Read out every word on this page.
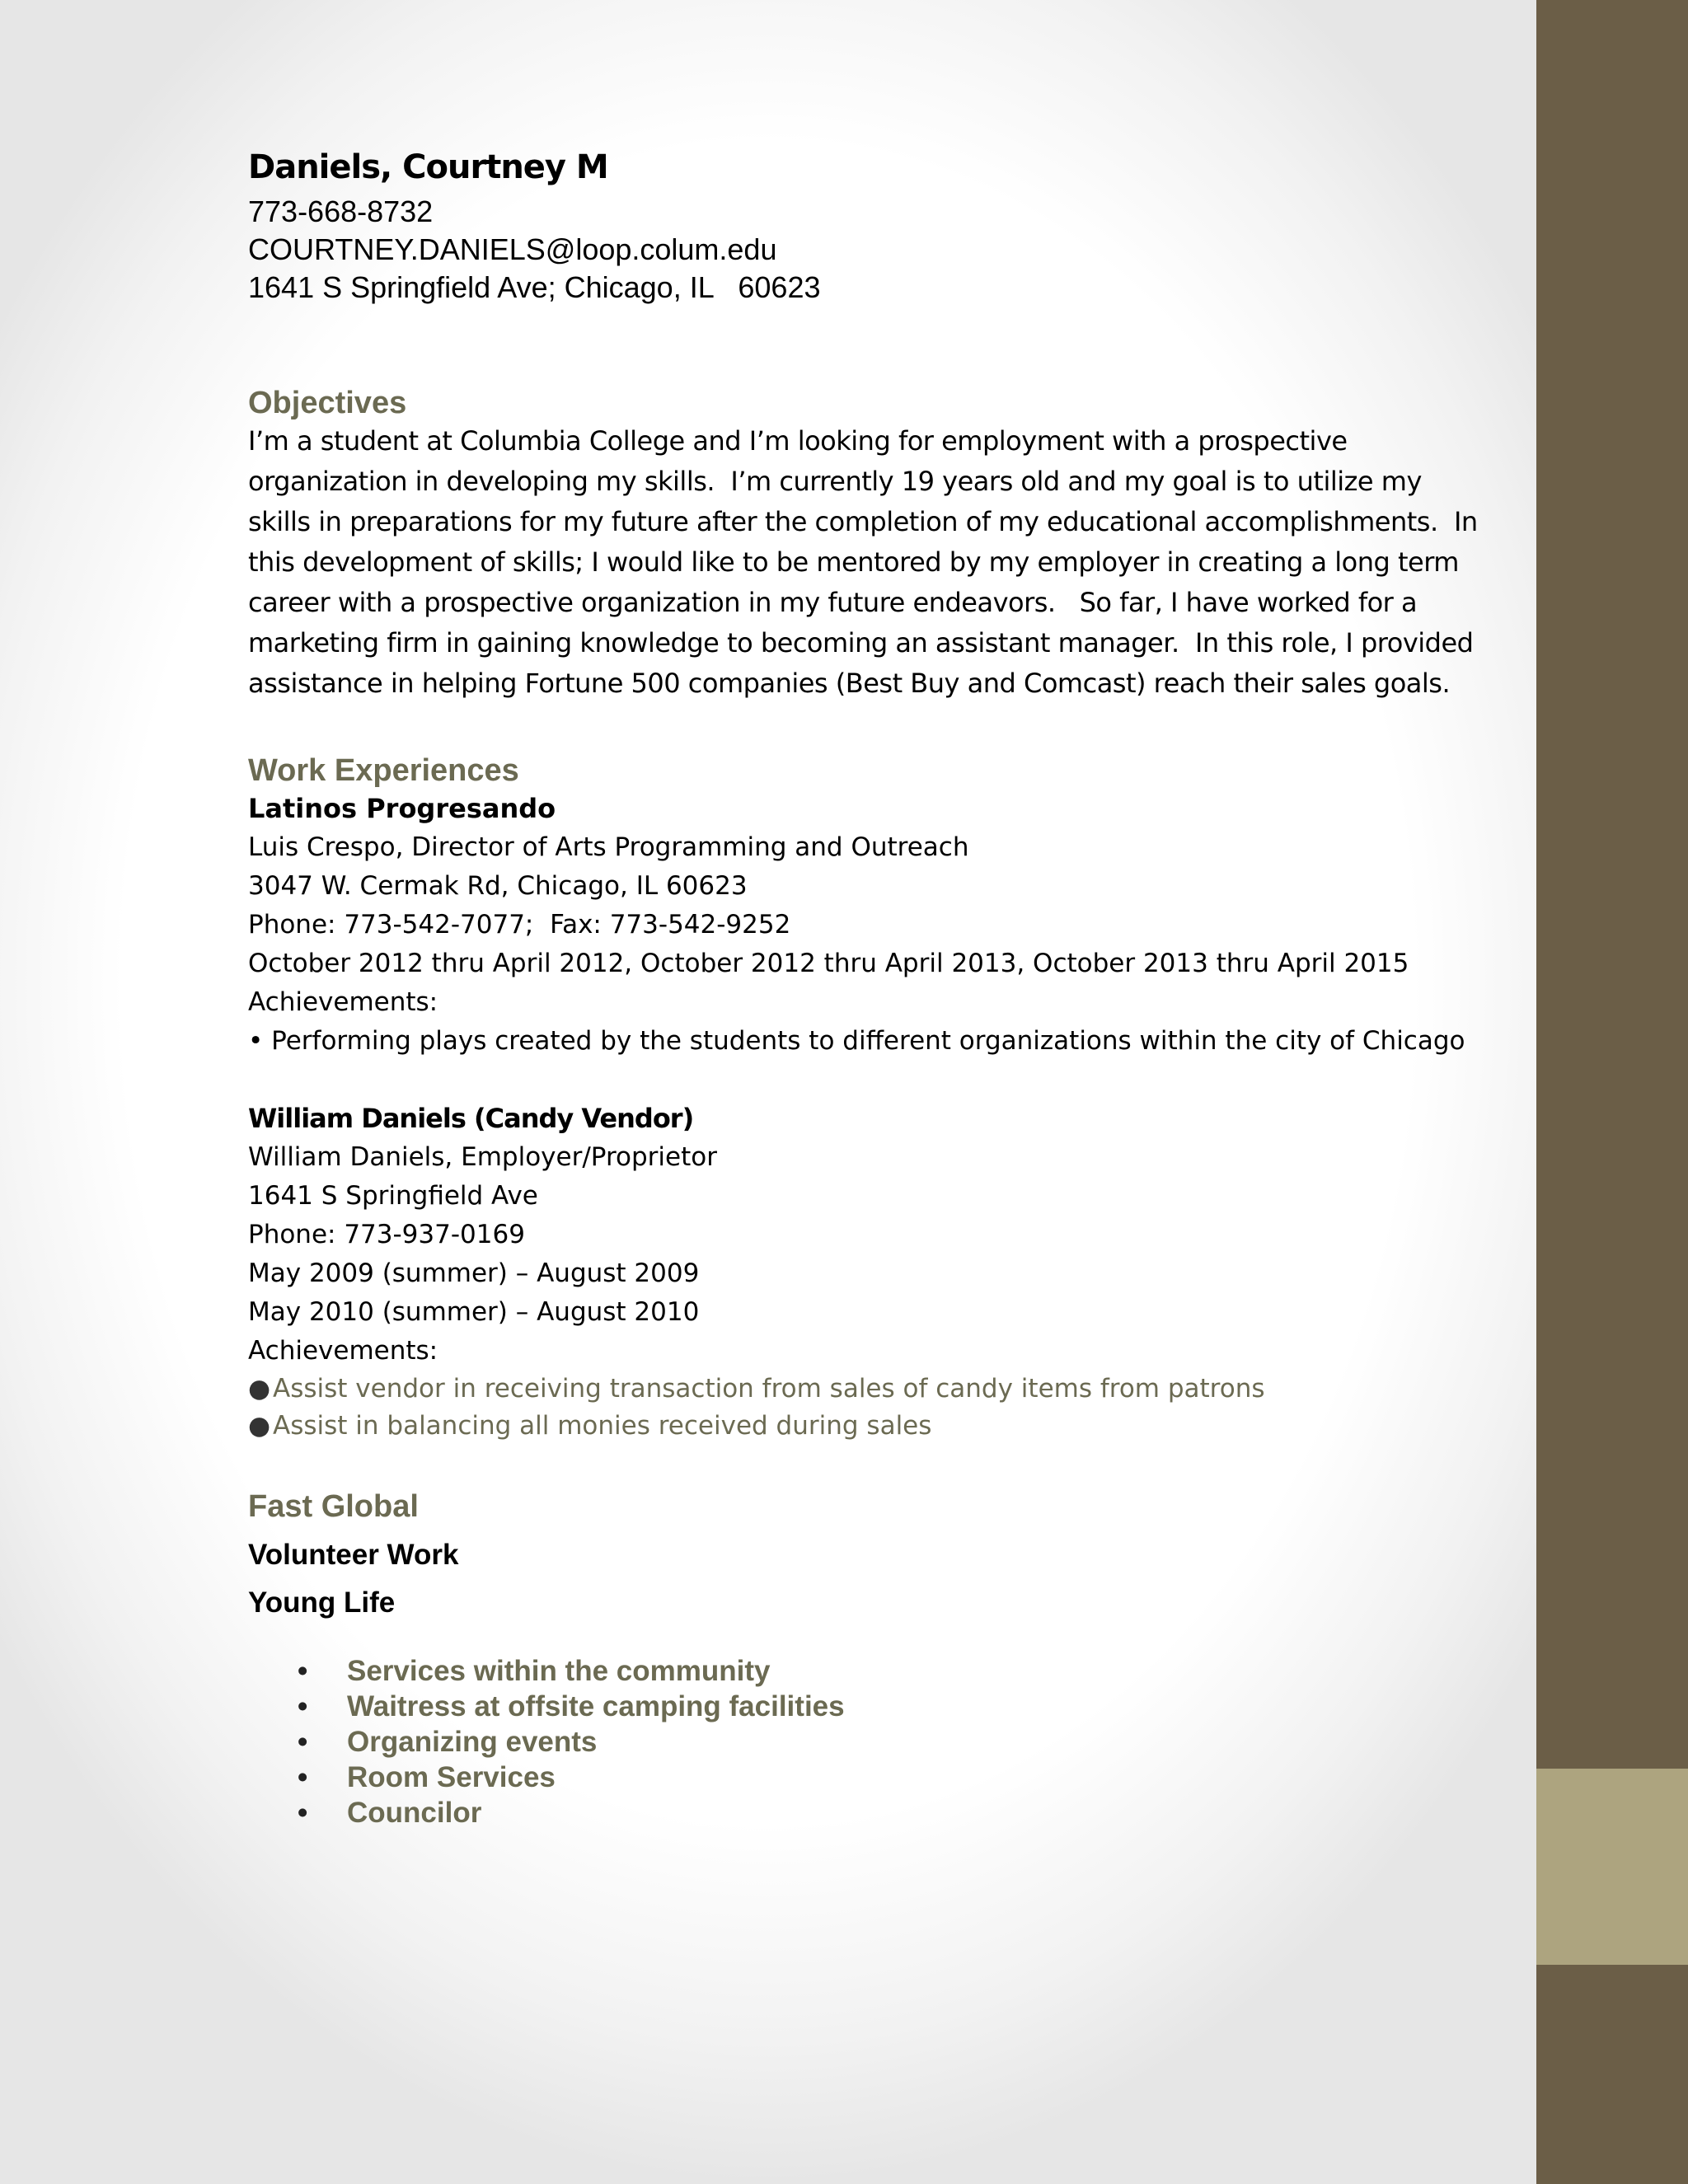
Daniels, Courtney M
773-668-8732
COURTNEY.DANIELS@loop.colum.edu
1641 S Springfield Ave; Chicago, IL   60623
Objectives

I’m a student at Columbia College and I’m looking for employment with a prospective organization in developing my skills.  I’m currently 19 years old and my goal is to utilize my skills in preparations for my future after the completion of my educational accomplishments.  In this development of skills; I would like to be mentored by my employer in creating a long term career with a prospective organization in my future endeavors.   So far, I have worked for a marketing firm in gaining knowledge to becoming an assistant manager.  In this role, I provided assistance in helping Fortune 500 companies (Best Buy and Comcast) reach their sales goals.

Work Experiences
Latinos Progresando
Luis Crespo, Director of Arts Programming and Outreach
3047 W. Cermak Rd, Chicago, IL 60623
Phone: 773-542-7077;  Fax: 773-542-9252
October 2012 thru April 2012, October 2012 thru April 2013, October 2013 thru April 2015
Achievements:
• Performing plays created by the students to different organizations within the city of Chicago
William Daniels (Candy Vendor)
William Daniels, Employer/Proprietor
1641 S Springfield Ave
Phone: 773-937-0169
May 2009 (summer) – August 2009
May 2010 (summer) – August 2010
Achievements:
●Assist vendor in receiving transaction from sales of candy items from patrons
●Assist in balancing all monies received during sales
Fast Global
Volunteer Work
Young Life
• Services within the community
• Waitress at offsite camping facilities
• Organizing events
• Room Services
• Councilor
